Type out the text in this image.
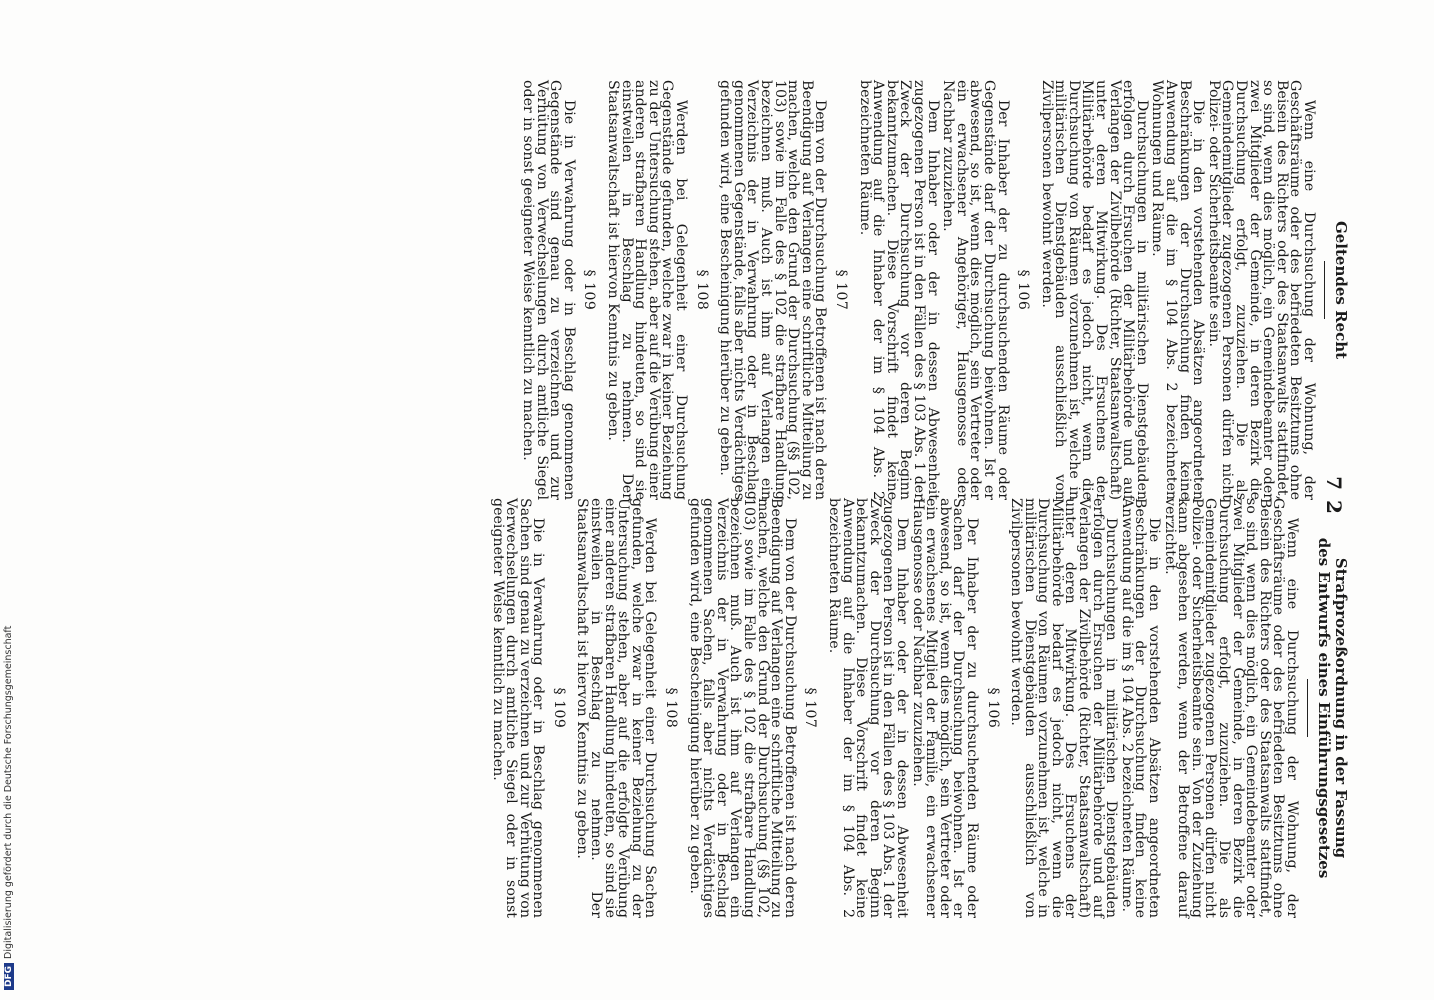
72
Geltendes Recht

Wenn eine Durchsuchung der Wohnung, der Geschäftsräume oder des befriedeten Besitztums ohne Beisein des Richters oder des Staatsanwalts stattfindet, so sind, wenn dies möglich, ein Gemeindebeamter oder zwei Mitglieder der Gemeinde, in deren Bezirk die Durchsuchung erfolgt, zuzuziehen. Die als Gemeindemitglieder zugezogenen Personen dürfen nicht Polizei- oder Sicherheitsbeamte sein.

Die in den vorstehenden Absätzen angeordneten Beschränkungen der Durchsuchung finden keine Anwendung auf die im § 104 Abs. 2 bezeichneten Wohnungen und Räume.

Durchsuchungen in militärischen Dienstgebäuden erfolgen durch Ersuchen der Militärbehörde und auf Verlangen der Zivilbehörde (Richter, Staatsanwaltschaft) unter deren Mitwirkung. Des Ersuchens der Militärbehörde bedarf es jedoch nicht, wenn die Durchsuchung von Räumen vorzunehmen ist, welche in militärischen Dienstgebäuden ausschließlich von Zivilpersonen bewohnt werden.

§ 106

Der Inhaber der zu durchsuchenden Räume oder Gegenstände darf der Durchsuchung beiwohnen. Ist er abwesend, so ist, wenn dies möglich, sein Vertreter oder ein erwachsener Angehöriger, Hausgenosse oder Nachbar zuzuziehen.

Dem Inhaber oder der in dessen Abwesenheit zugezogenen Person ist in den Fällen des § 103 Abs. 1 der Zweck der Durchsuchung vor deren Beginn bekanntzumachen. Diese Vorschrift findet keine Anwendung auf die Inhaber der im § 104 Abs. 2 bezeichneten Räume.

§ 107

Dem von der Durchsuchung Betroffenen ist nach deren Beendigung auf Verlangen eine schriftliche Mitteilung zu machen, welche den Grund der Durchsuchung (§§ 102, 103) sowie im Falle des § 102 die strafbare Handlung bezeichnen muß. Auch ist ihm auf Verlangen ein Verzeichnis der in Verwahrung oder in Beschlag genommenen Gegenstände, falls aber nichts Verdächtiges gefunden wird, eine Bescheinigung hierüber zu geben.

§ 108

Werden bei Gelegenheit einer Durchsuchung Gegenstände gefunden, welche zwar in keiner Beziehung zu der Untersuchung stehen, aber auf die Verübung einer anderen strafbaren Handlung hindeuten, so sind sie einstweilen in Beschlag zu nehmen. Der Staatsanwaltschaft ist hiervon Kenntnis zu geben.

§ 109

Die in Verwahrung oder in Beschlag genommenen Gegenstände sind genau zu verzeichnen und zur Verhütung von Verwechselungen durch amtliche Siegel oder in sonst geeigneter Weise kenntlich zu machen.

Strafprozeßordnung in der Fassung
des Entwurfs eines Einführungsgesetzes

Wenn eine Durchsuchung der Wohnung, der Geschäftsräume oder des befriedeten Besitztums ohne Beisein des Richters oder des Staatsanwalts stattfindet, so sind, wenn dies möglich, ein Gemeindebeamter oder zwei Mitglieder der Gemeinde, in deren Bezirk die Durchsuchung erfolgt, zuzuziehen. Die als Gemeindemitglieder zugezogenen Personen dürfen nicht Polizei- oder Sicherheitsbeamte sein. Von der Zuziehung kann abgesehen werden, wenn der Betroffene darauf verzichtet.

Die in den vorstehenden Absätzen angeordneten Beschränkungen der Durchsuchung finden keine Anwendung auf die im § 104 Abs. 2 bezeichneten Räume.

Durchsuchungen in militärischen Dienstgebäuden erfolgen durch Ersuchen der Militärbehörde und auf Verlangen der Zivilbehörde (Richter, Staatsanwaltschaft) unter deren Mitwirkung. Des Ersuchens der Militärbehörde bedarf es jedoch nicht, wenn die Durchsuchung von Räumen vorzunehmen ist, welche in militärischen Dienstgebäuden ausschließlich von Zivilpersonen bewohnt werden.

§ 106

Der Inhaber der zu durchsuchenden Räume oder Sachen darf der Durchsuchung beiwohnen. Ist er abwesend, so ist, wenn dies möglich, sein Vertreter oder ein erwachsenes Mitglied der Familie, ein erwachsener Hausgenosse oder Nachbar zuzuziehen.

Dem Inhaber oder der in dessen Abwesenheit zugezogenen Person ist in den Fällen des § 103 Abs. 1 der Zweck der Durchsuchung vor deren Beginn bekanntzumachen. Diese Vorschrift findet keine Anwendung auf die Inhaber der im § 104 Abs. 2 bezeichneten Räume.

§ 107

Dem von der Durchsuchung Betroffenen ist nach deren Beendigung auf Verlangen eine schriftliche Mitteilung zu machen, welche den Grund der Durchsuchung (§§ 102, 103) sowie im Falle des § 102 die strafbare Handlung bezeichnen muß. Auch ist ihm auf Verlangen ein Verzeichnis der in Verwahrung oder in Beschlag genommenen Sachen, falls aber nichts Verdächtiges gefunden wird, eine Bescheinigung hierüber zu geben.

§ 108

Werden bei Gelegenheit einer Durchsuchung Sachen gefunden, welche zwar in keiner Beziehung zu der Untersuchung stehen, aber auf die erfolgte Verübung einer anderen strafbaren Handlung hindeuten, so sind sie einstweilen in Beschlag zu nehmen. Der Staatsanwaltschaft ist hiervon Kenntnis zu geben.

§ 109

Die in Verwahrung oder in Beschlag genommenen Sachen sind genau zu verzeichnen und zur Verhütung von Verwechselungen durch amtliche Siegel oder in sonst geeigneter Weise kenntlich zu machen.

DFGDigitalisierung gefördert durch die Deutsche Forschungsgemeinschaft
